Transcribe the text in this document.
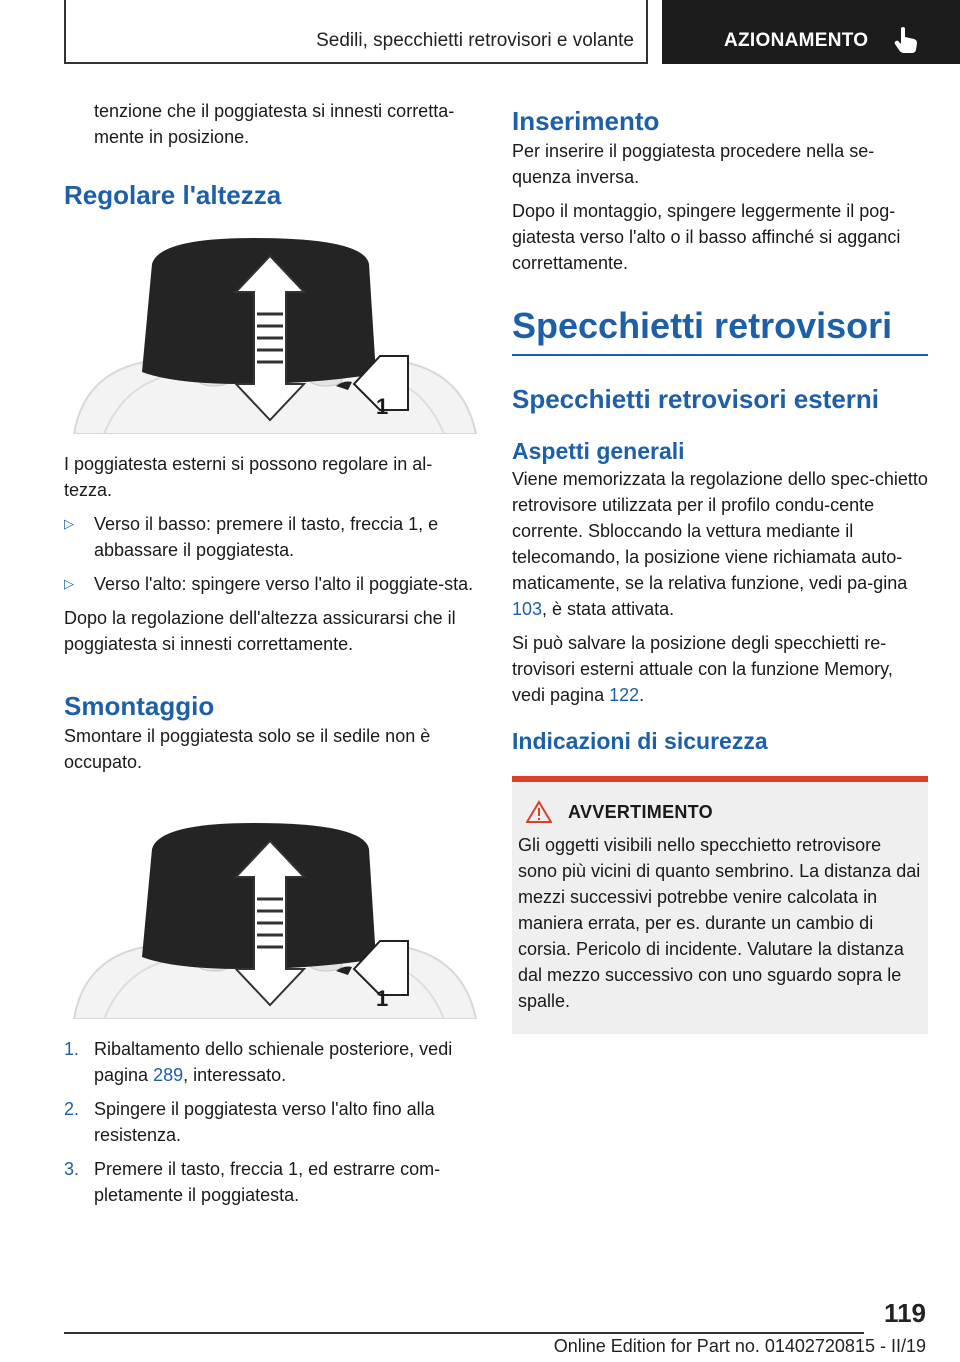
Sedili, specchietti retrovisori e volante	AZIONAMENTO

tenzione che il poggiatesta si innesti corretta-mente in posizione.

Regolare l'altezza
1

I poggiatesta esterni si possono regolare in al-tezza.

▷ Verso il basso: premere il tasto, freccia 1, e abbassare il poggiatesta.
▷ Verso l'alto: spingere verso l'alto il poggiate-sta.

Dopo la regolazione dell'altezza assicurarsi che il poggiatesta si innesti correttamente.

Smontaggio

Smontare il poggiatesta solo se il sedile non è occupato.

1
1. Ribaltamento dello schienale posteriore, vedi pagina 289, interessato.
2. Spingere il poggiatesta verso l'alto fino alla resistenza.
3. Premere il tasto, freccia 1, ed estrarre com-pletamente il poggiatesta.
Inserimento

Per inserire il poggiatesta procedere nella se-quenza inversa.

Dopo il montaggio, spingere leggermente il pog-giatesta verso l'alto o il basso affinché si agganci correttamente.

Specchietti retrovisori
Specchietti retrovisori esterni
Aspetti generali

Viene memorizzata la regolazione dello spec-chietto retrovisore utilizzata per il profilo condu-cente corrente. Sbloccando la vettura mediante il telecomando, la posizione viene richiamata auto-maticamente, se la relativa funzione, vedi pa-gina 103, è stata attivata.

Si può salvare la posizione degli specchietti re-trovisori esterni attuale con la funzione Memory, vedi pagina 122.

Indicazioni di sicurezza
AVVERTIMENTO

Gli oggetti visibili nello specchietto retrovisore sono più vicini di quanto sembrino. La distanza dai mezzi successivi potrebbe venire calcolata in maniera errata, per es. durante un cambio di corsia. Pericolo di incidente. Valutare la distanza dal mezzo successivo con uno sguardo sopra le spalle.

119
Online Edition for Part no. 01402720815 - II/19
